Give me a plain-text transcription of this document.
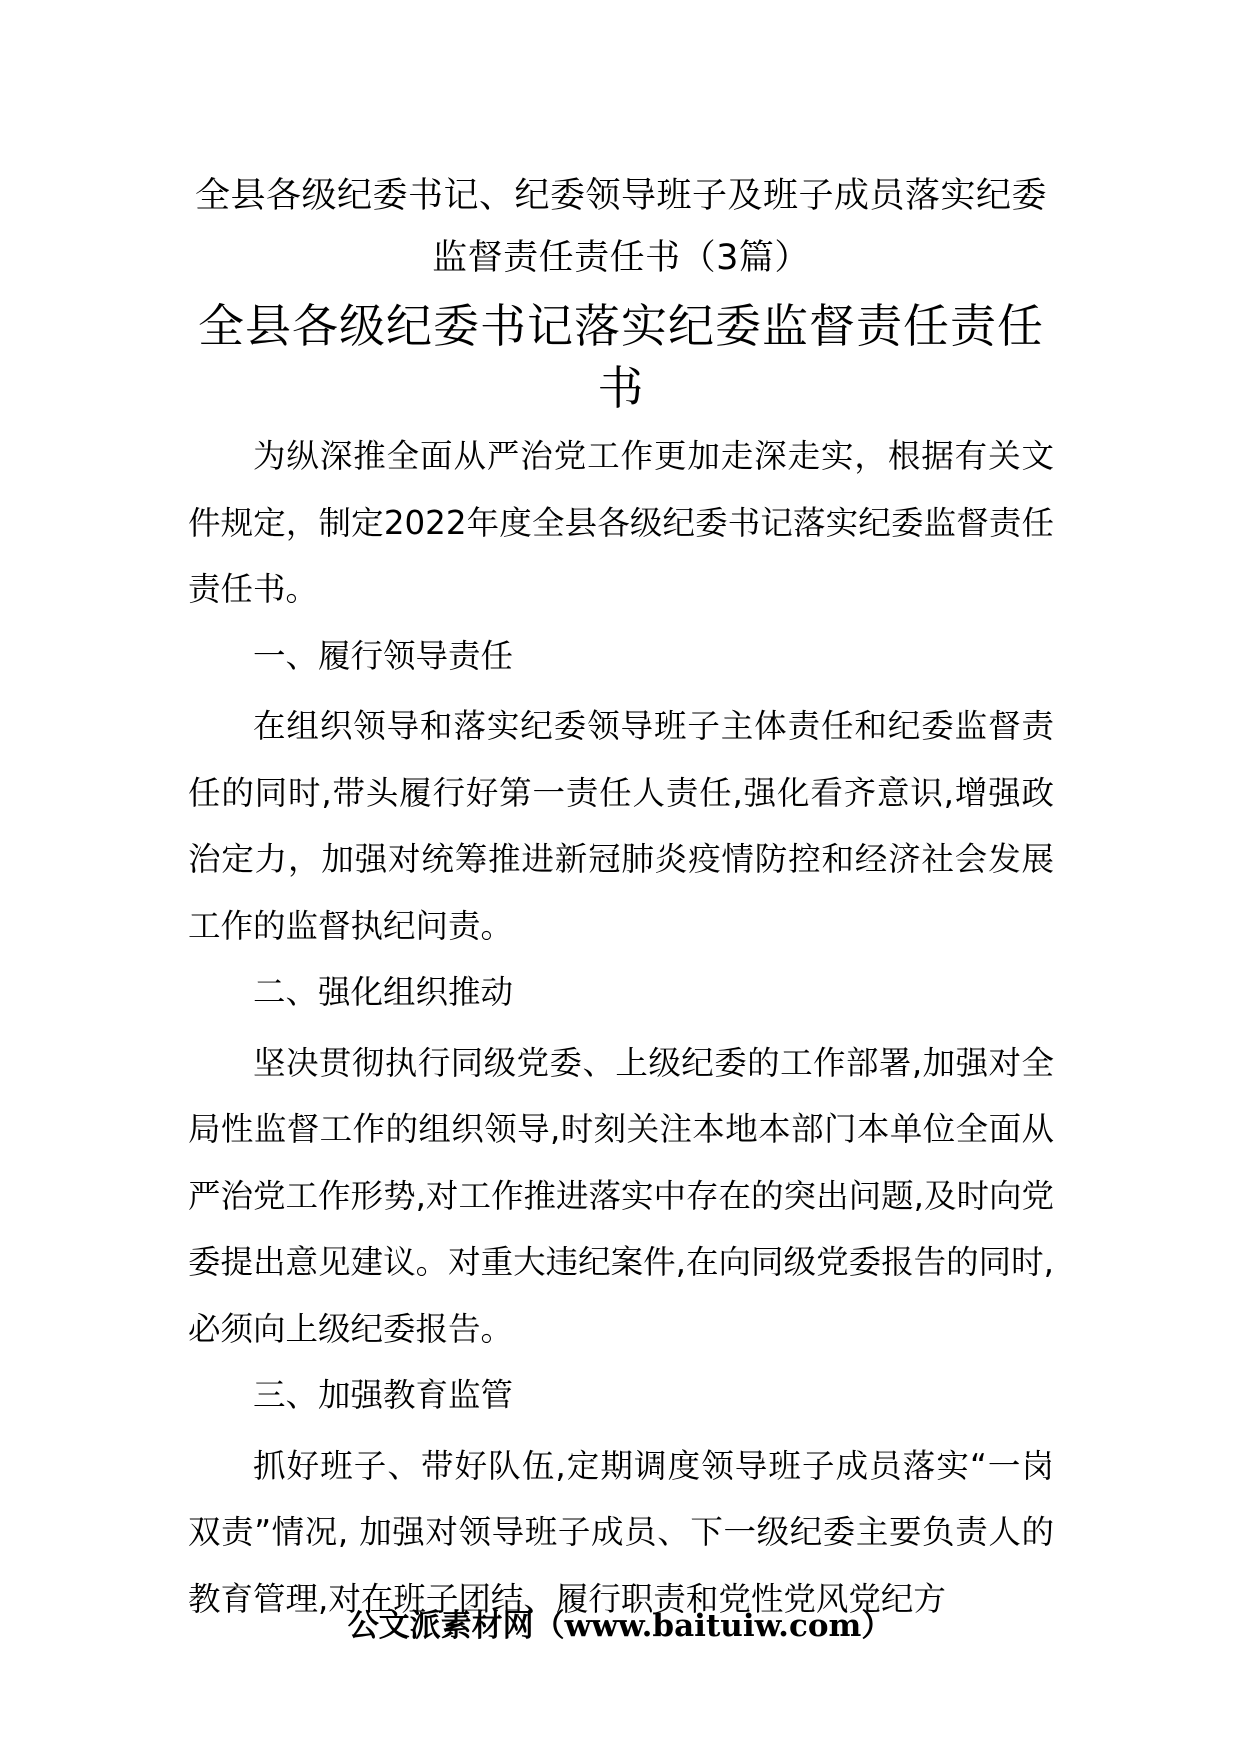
全县各级纪委书记、纪委领导班子及班子成员落实纪委监督责任责任书（3篇）
全县各级纪委书记落实纪委监督责任责任书

为纵深推全面从严治党工作更加走深走实，根据有关文件规定，制定2022年度全县各级纪委书记落实纪委监督责任责任书。

一、履行领导责任

在组织领导和落实纪委领导班子主体责任和纪委监督责任的同时,带头履行好第一责任人责任,强化看齐意识,增强政治定力，加强对统筹推进新冠肺炎疫情防控和经济社会发展工作的监督执纪问责。

二、强化组织推动

坚决贯彻执行同级党委、上级纪委的工作部署,加强对全局性监督工作的组织领导,时刻关注本地本部门本单位全面从严治党工作形势,对工作推进落实中存在的突出问题,及时向党委提出意见建议。对重大违纪案件,在向同级党委报告的同时,必须向上级纪委报告。

三、加强教育监管

抓好班子、带好队伍,定期调度领导班子成员落实“一岗双责”情况, 加强对领导班子成员、下一级纪委主要负责人的教育管理,对在班子团结、履行职责和党性党风党纪方

公文派素材网（www.baituiw.com）
